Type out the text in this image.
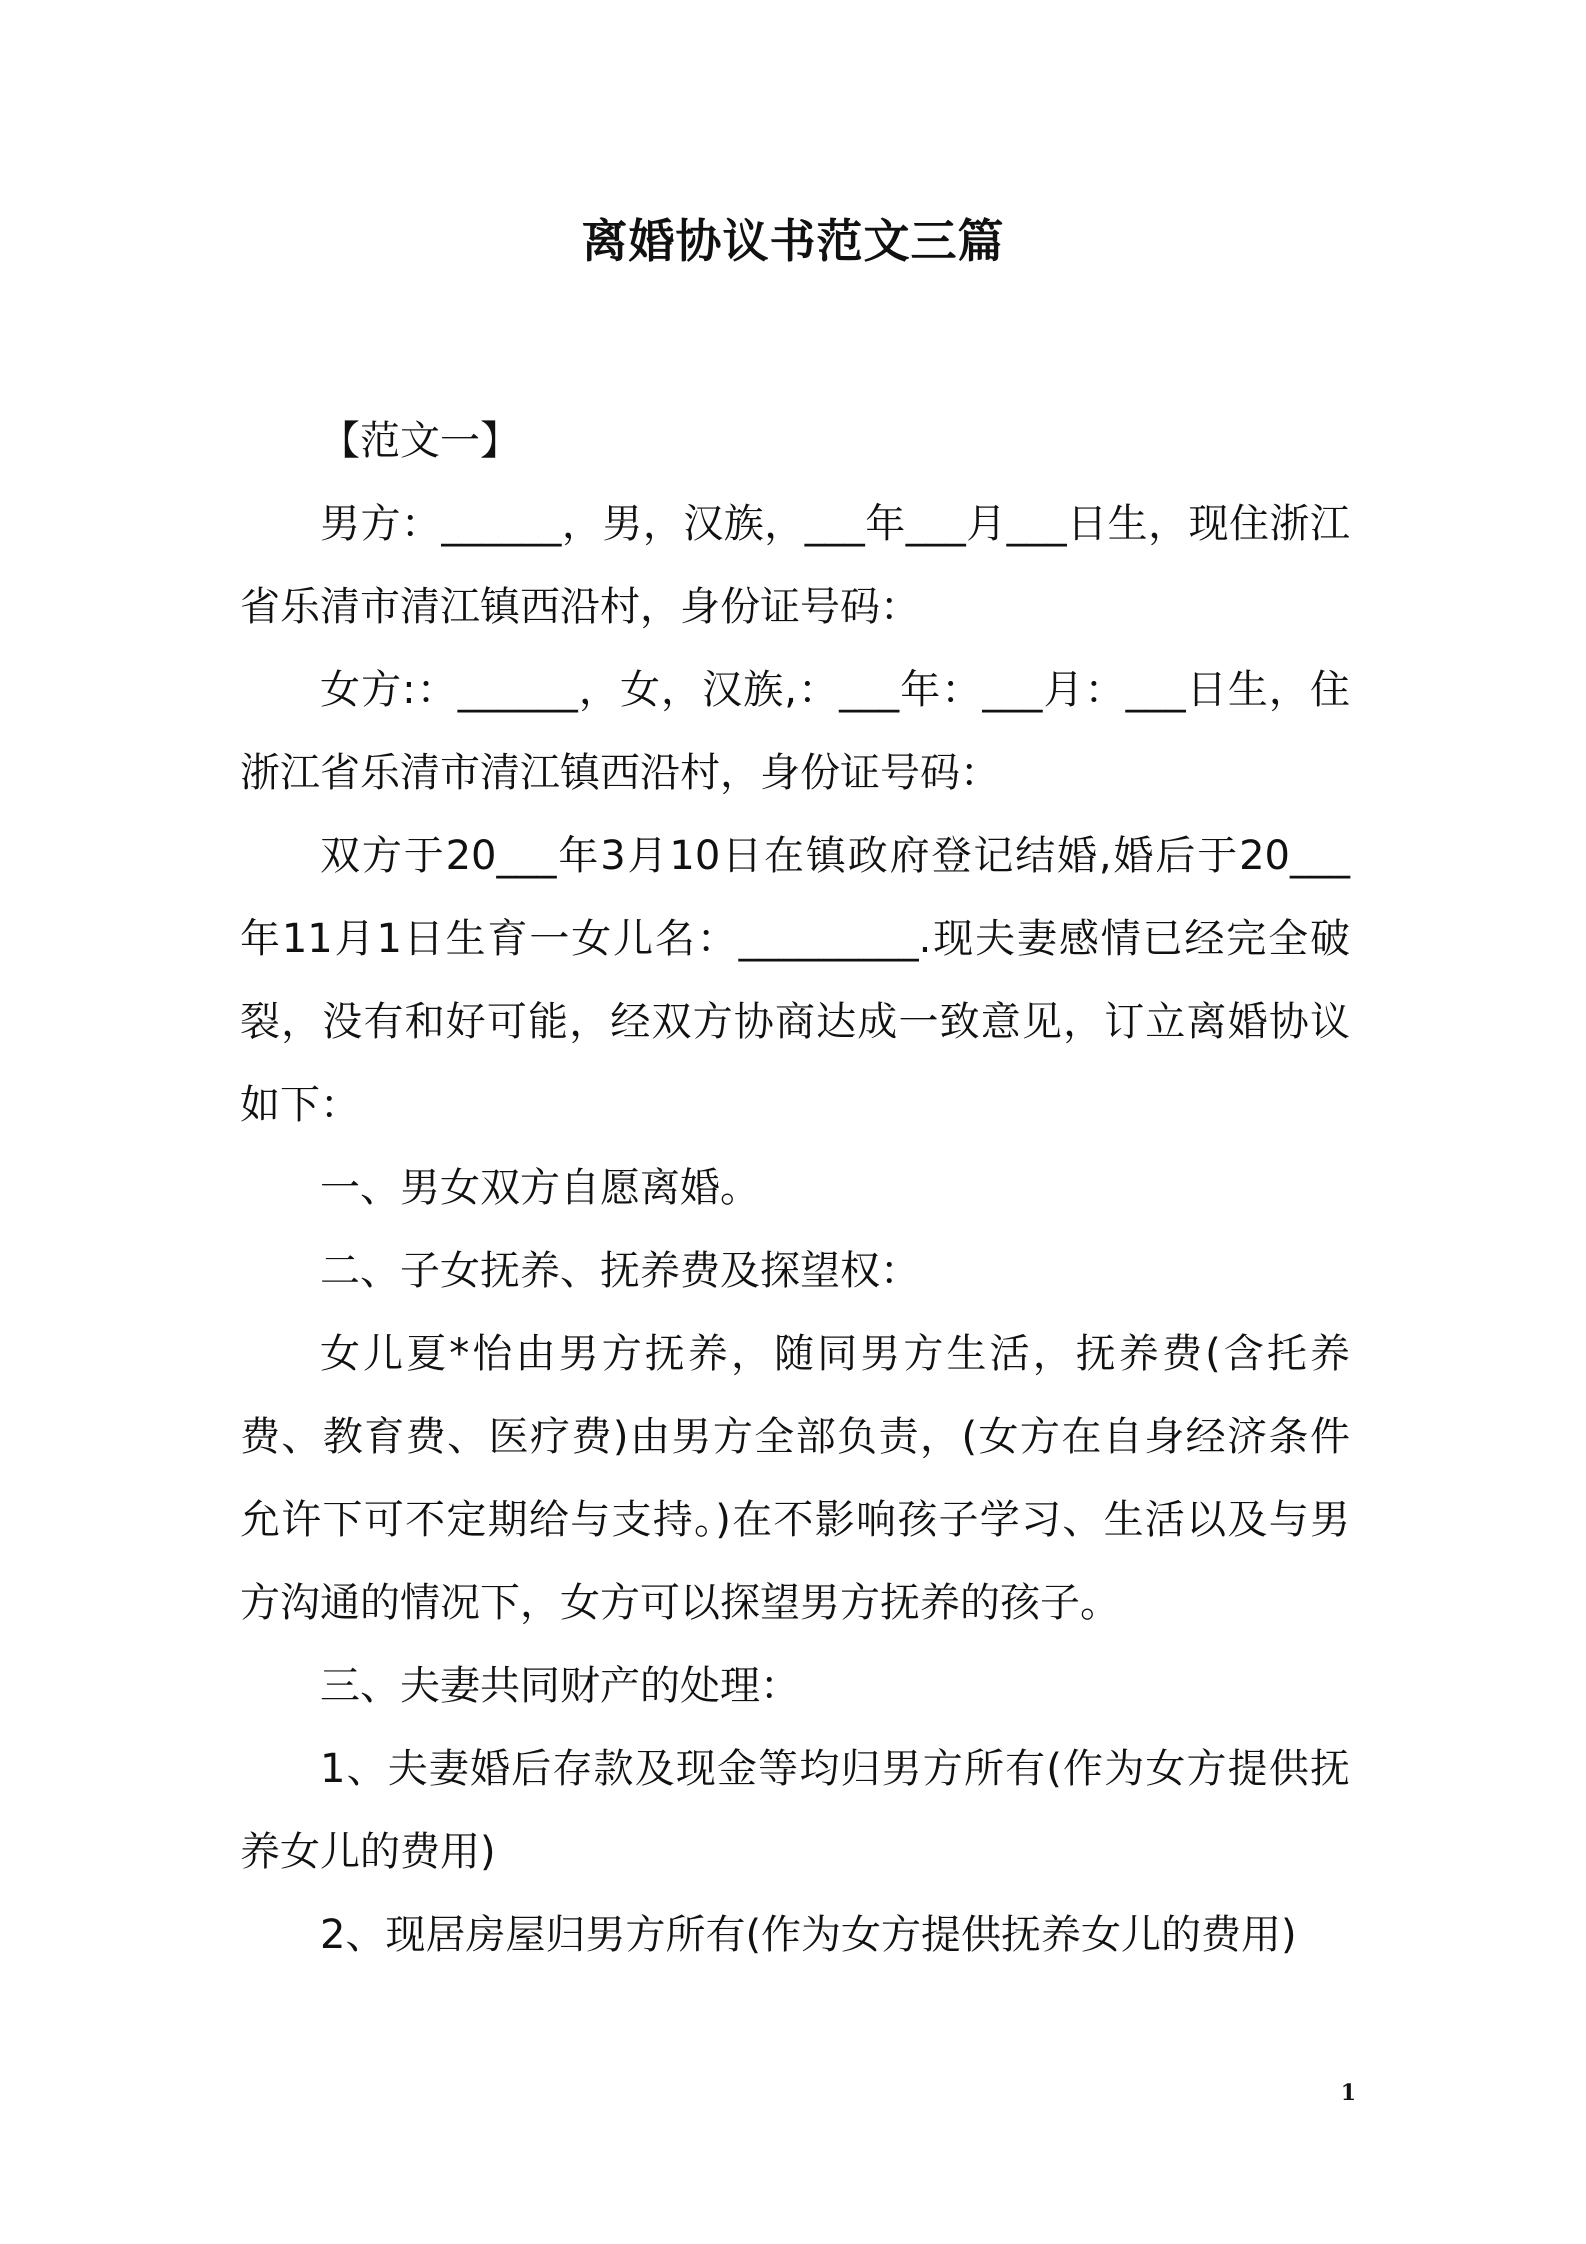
离婚协议书范文三篇

【范文一】

男方：______，男，汉族，___年___月___日生，现住浙江省乐清市清江镇西沿村，身份证号码：

女方:：______，女，汉族,：___年：___月：___日生，住浙江省乐清市清江镇西沿村，身份证号码：

双方于20___年3月10日在镇政府登记结婚,婚后于20___年11月1日生育一女儿名：_________.现夫妻感情已经完全破裂，没有和好可能，经双方协商达成一致意见，订立离婚协议如下：

一、男女双方自愿离婚。

二、子女抚养、抚养费及探望权：

女儿夏*怡由男方抚养，随同男方生活，抚养费(含托养费、教育费、医疗费)由男方全部负责，(女方在自身经济条件允许下可不定期给与支持。)在不影响孩子学习、生活以及与男方沟通的情况下，女方可以探望男方抚养的孩子。

三、夫妻共同财产的处理：

1、夫妻婚后存款及现金等均归男方所有(作为女方提供抚养女儿的费用)

2、现居房屋归男方所有(作为女方提供抚养女儿的费用)

1
